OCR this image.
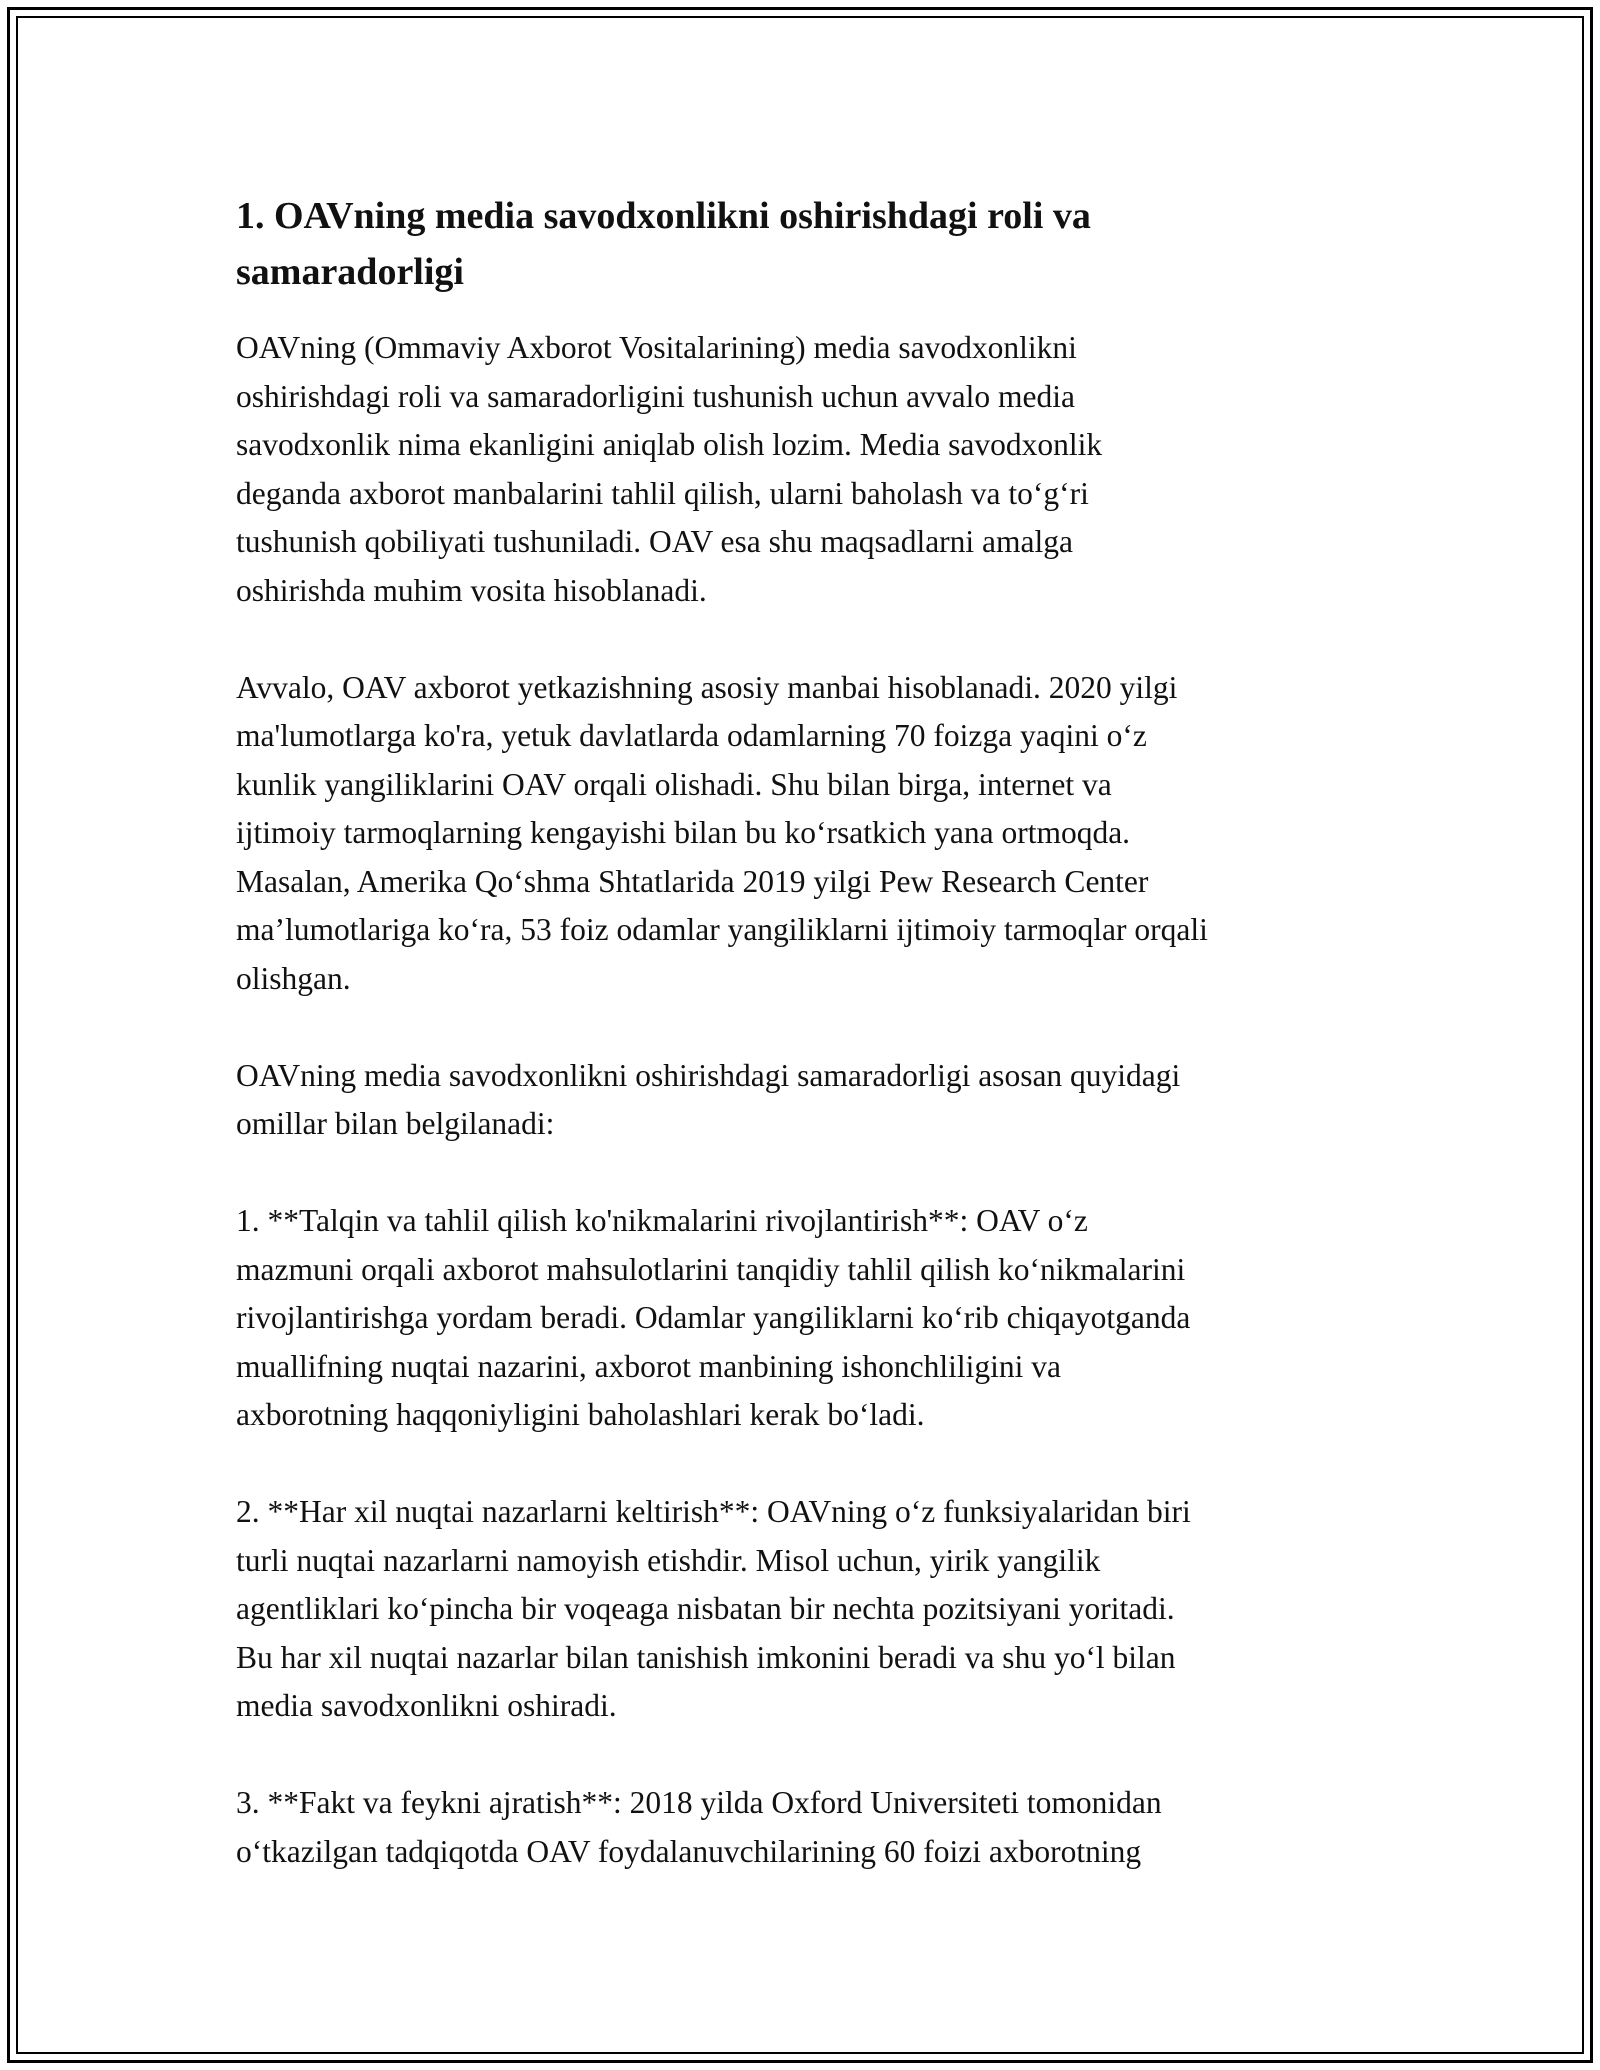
1. OAVning media savodxonlikni oshirishdagi roli va
samaradorligi

OAVning (Ommaviy Axborot Vositalarining) media savodxonlikni
oshirishdagi roli va samaradorligini tushunish uchun avvalo media
savodxonlik nima ekanligini aniqlab olish lozim. Media savodxonlik
deganda axborot manbalarini tahlil qilish, ularni baholash va to‘g‘ri
tushunish qobiliyati tushuniladi. OAV esa shu maqsadlarni amalga
oshirishda muhim vosita hisoblanadi.

Avvalo, OAV axborot yetkazishning asosiy manbai hisoblanadi. 2020 yilgi
ma'lumotlarga ko'ra, yetuk davlatlarda odamlarning 70 foizga yaqini o‘z
kunlik yangiliklarini OAV orqali olishadi. Shu bilan birga, internet va
ijtimoiy tarmoqlarning kengayishi bilan bu ko‘rsatkich yana ortmoqda.
Masalan, Amerika Qo‘shma Shtatlarida 2019 yilgi Pew Research Center
ma’lumotlariga ko‘ra, 53 foiz odamlar yangiliklarni ijtimoiy tarmoqlar orqali
olishgan.

OAVning media savodxonlikni oshirishdagi samaradorligi asosan quyidagi
omillar bilan belgilanadi:

1. **Talqin va tahlil qilish ko'nikmalarini rivojlantirish**: OAV o‘z
mazmuni orqali axborot mahsulotlarini tanqidiy tahlil qilish ko‘nikmalarini
rivojlantirishga yordam beradi. Odamlar yangiliklarni ko‘rib chiqayotganda
muallifning nuqtai nazarini, axborot manbining ishonchliligini va
axborotning haqqoniyligini baholashlari kerak bo‘ladi.

2. **Har xil nuqtai nazarlarni keltirish**: OAVning o‘z funksiyalaridan biri
turli nuqtai nazarlarni namoyish etishdir. Misol uchun, yirik yangilik
agentliklari ko‘pincha bir voqeaga nisbatan bir nechta pozitsiyani yoritadi.
Bu har xil nuqtai nazarlar bilan tanishish imkonini beradi va shu yo‘l bilan
media savodxonlikni oshiradi.

3. **Fakt va feykni ajratish**: 2018 yilda Oxford Universiteti tomonidan
o‘tkazilgan tadqiqotda OAV foydalanuvchilarining 60 foizi axborotning
